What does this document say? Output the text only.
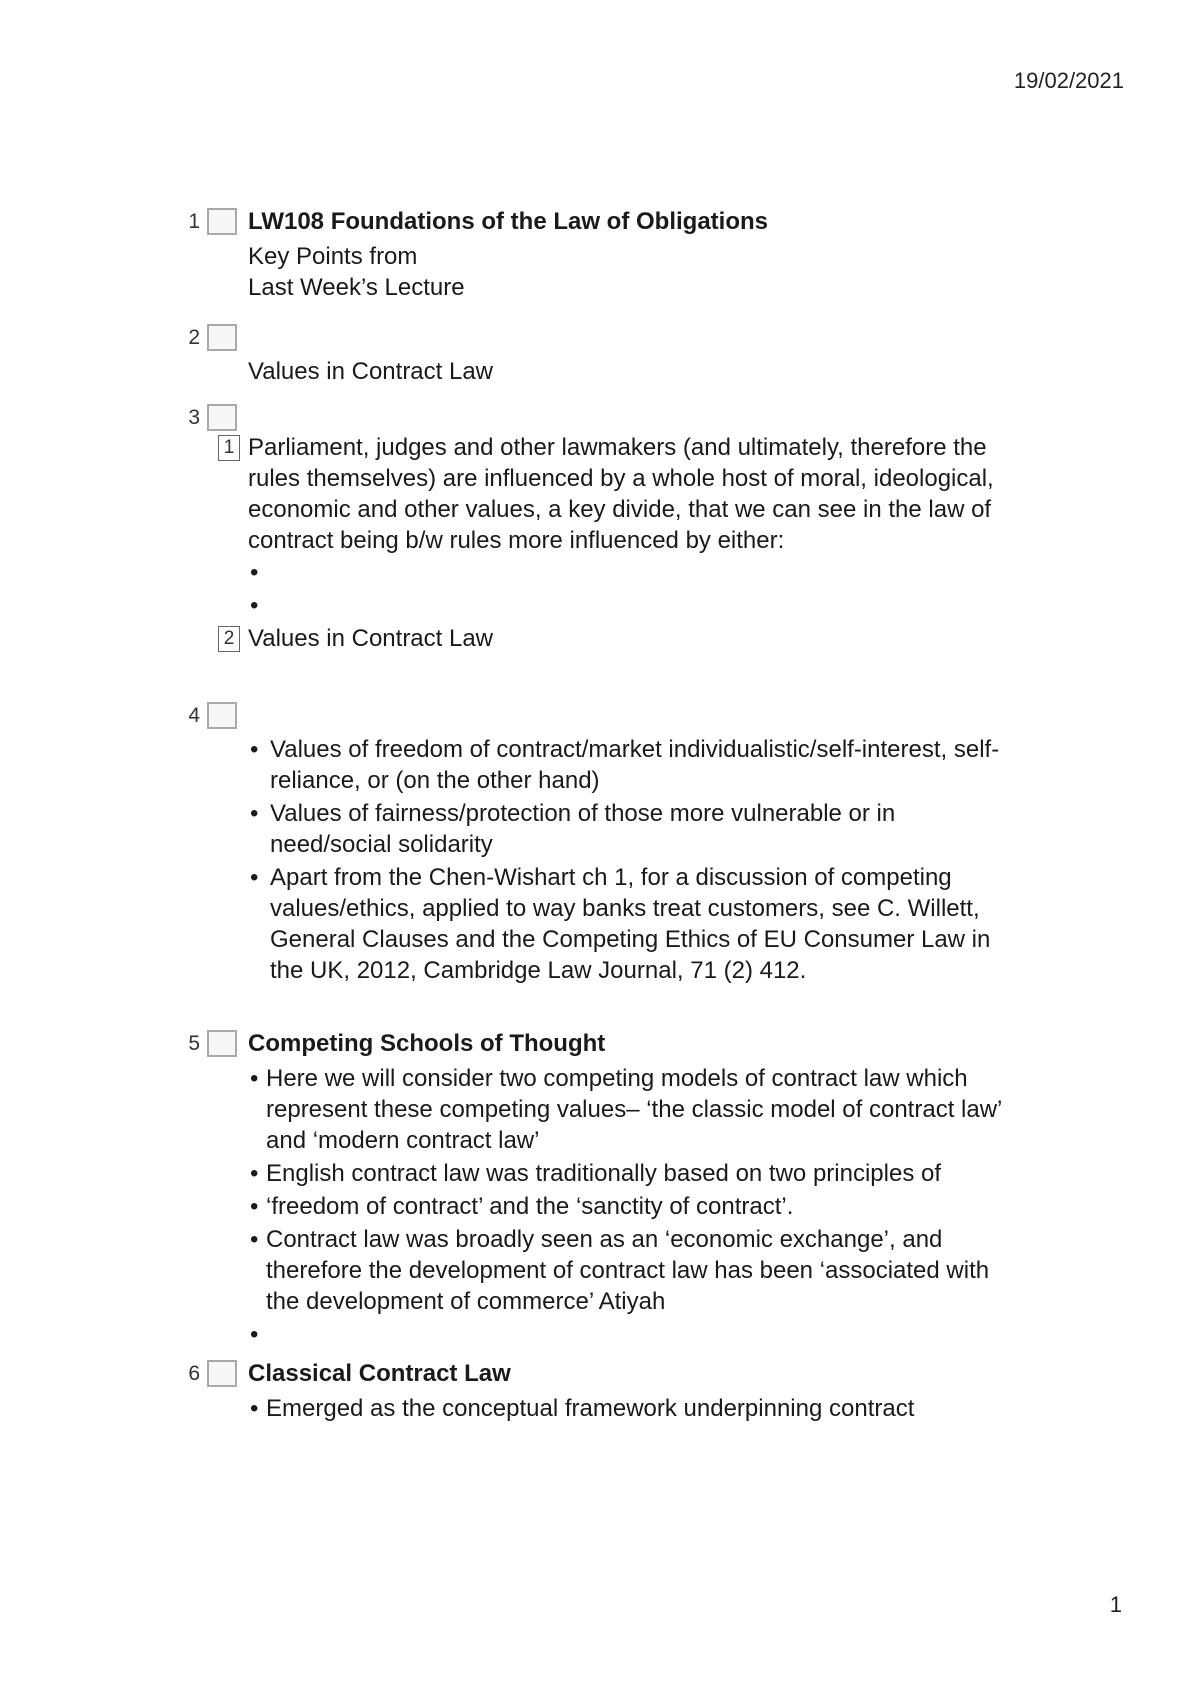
19/02/2021
1 LW108 Foundations of the Law of Obligations
Key Points from
Last Week’s Lecture
2
Values in Contract Law
3
1 Parliament, judges and other lawmakers (and ultimately, therefore the rules themselves) are influenced by a whole host of moral, ideological, economic and other values, a key divide, that we can see in the law of contract being b/w rules more influenced by either:
•
•
2 Values in Contract Law
4
• Values of freedom of contract/market individualistic/self-interest, self-reliance, or (on the other hand)
• Values of fairness/protection of those more vulnerable or in need/social solidarity
• Apart from the Chen-Wishart ch 1, for a discussion of competing values/ethics, applied to way banks treat customers, see C. Willett, General Clauses and the Competing Ethics of EU Consumer Law in the UK, 2012, Cambridge Law Journal, 71 (2) 412.
5 Competing Schools of Thought
• Here we will consider two competing models of contract law which represent these competing values– ‘the classic model of contract law’ and ‘modern contract law’
• English contract law was traditionally based on two principles of
• ‘freedom of contract’ and the ‘sanctity of contract’.
• Contract law was broadly seen as an ‘economic exchange’, and therefore the development of contract law has been ‘associated with the development of commerce’ Atiyah
•
6 Classical Contract Law
• Emerged as the conceptual framework underpinning contract
1
